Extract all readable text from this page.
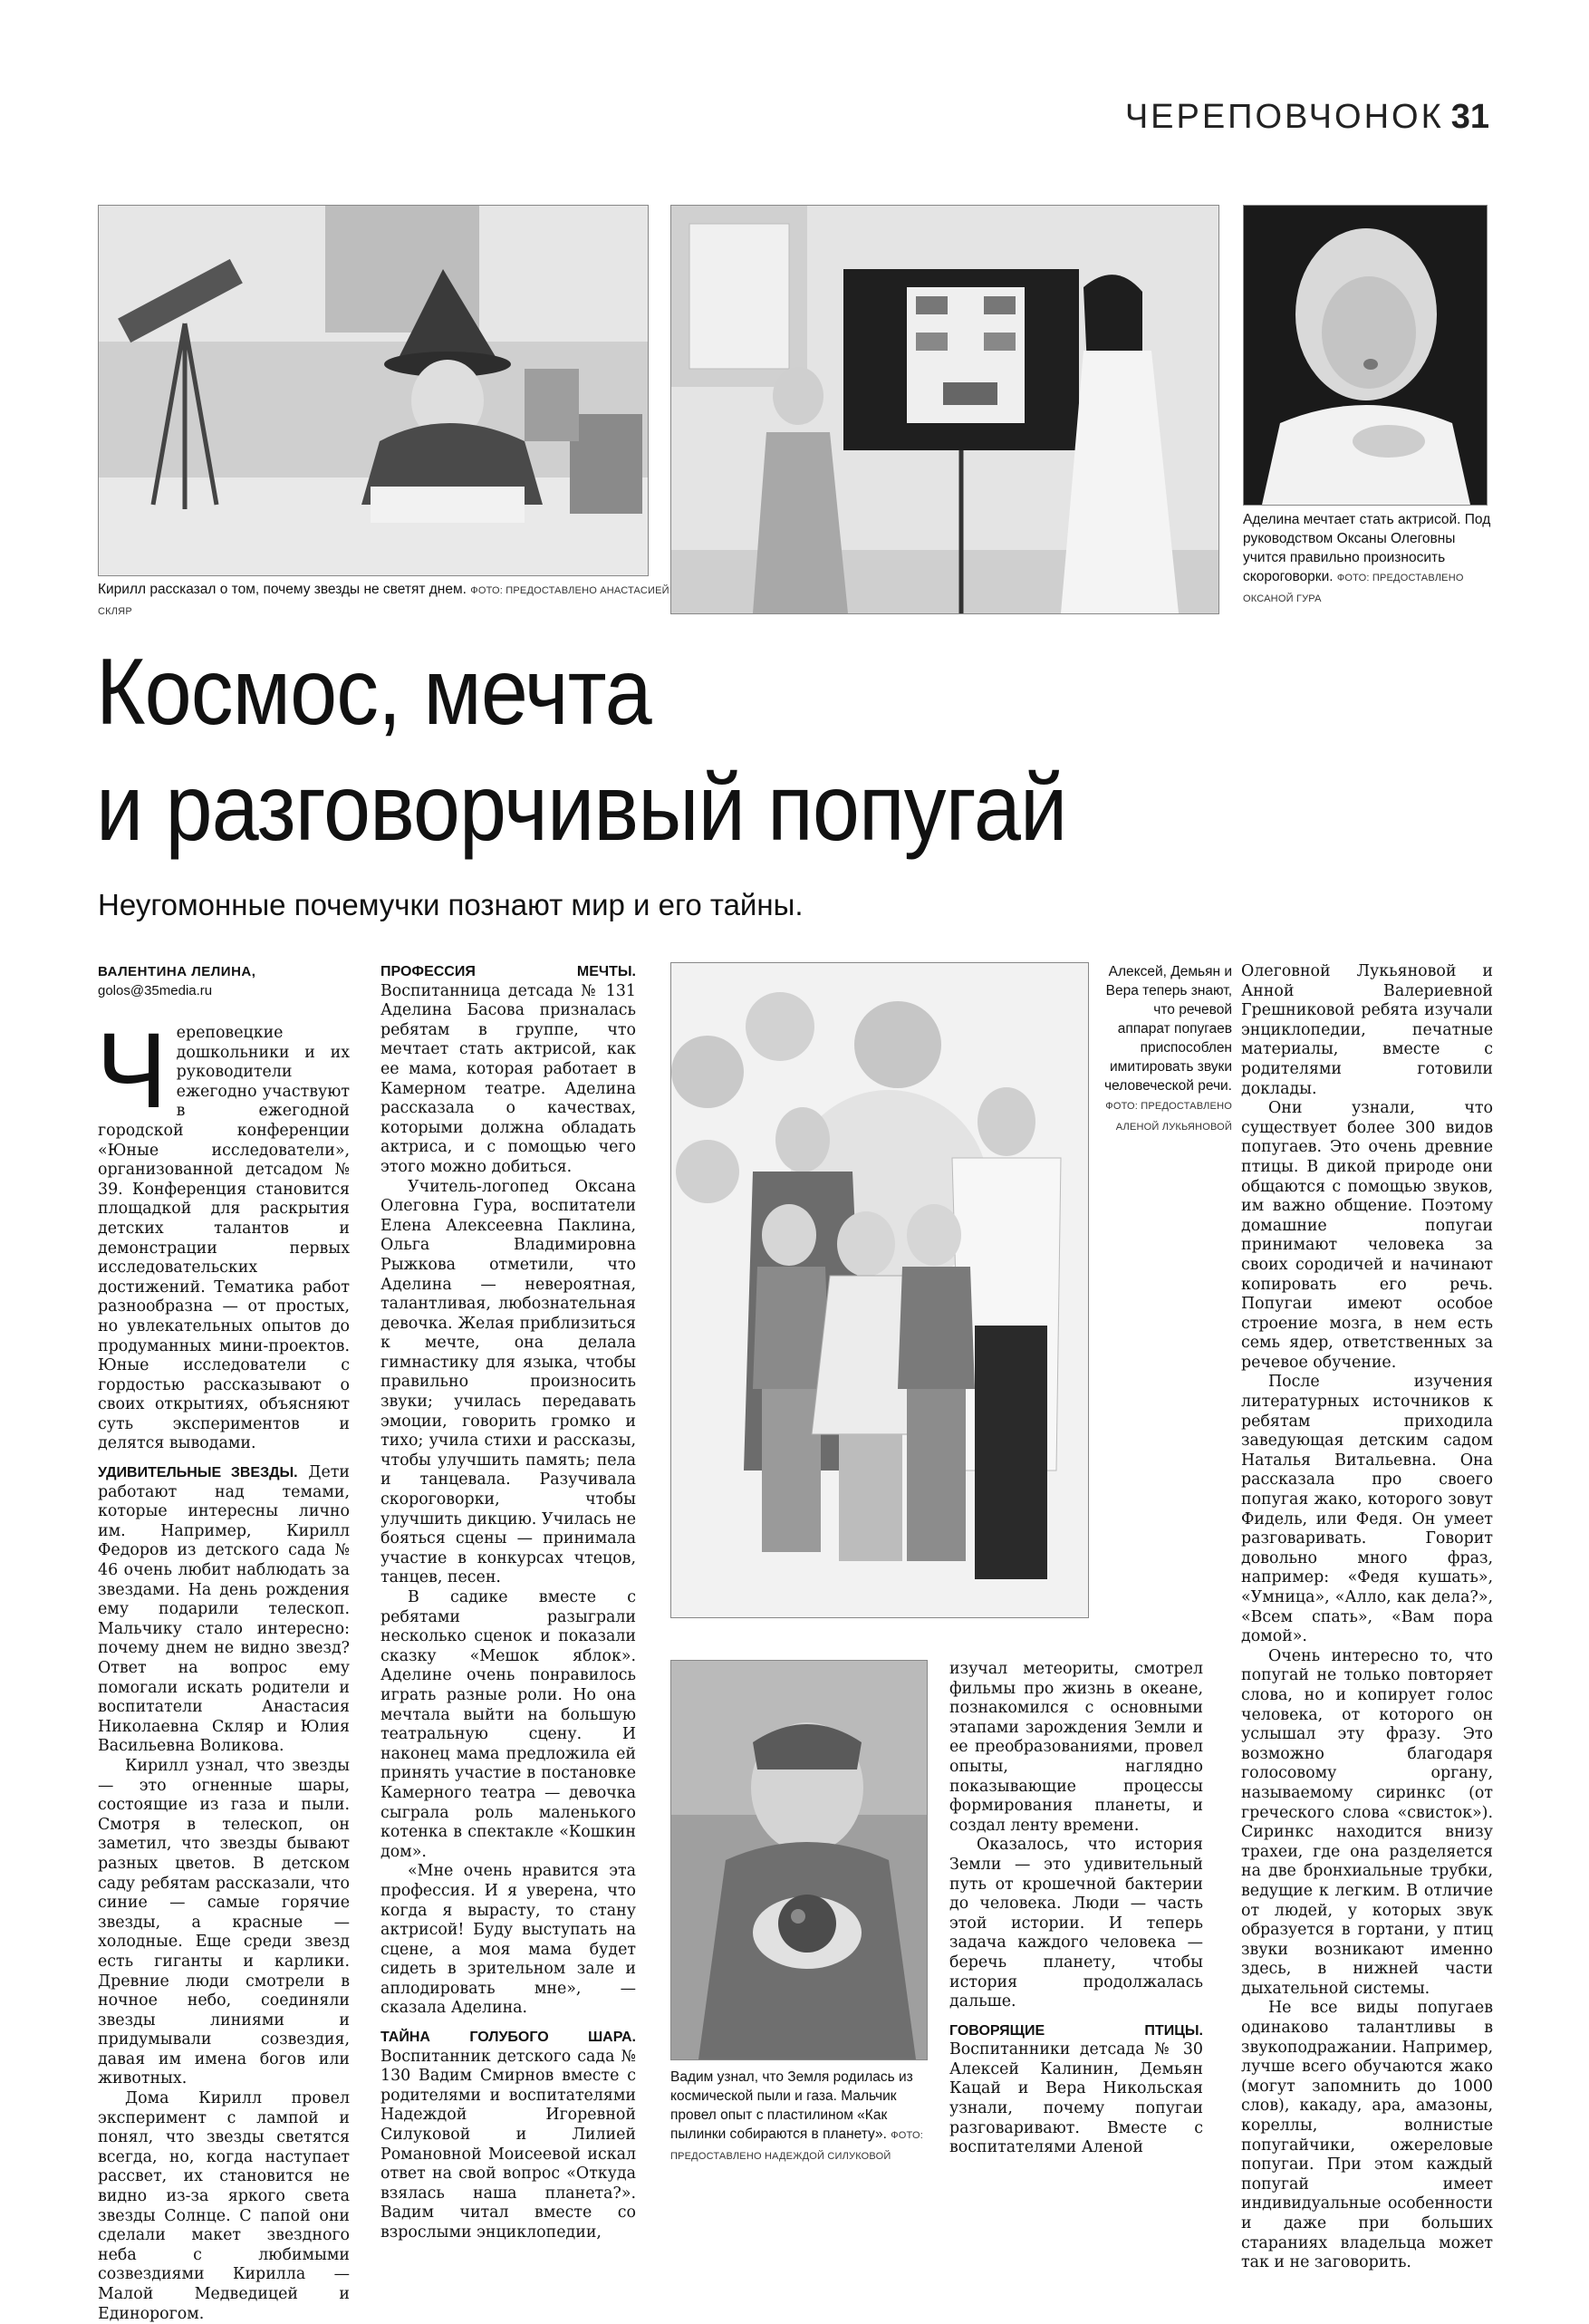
ЧЕРЕПОВЧОНОК 31
Кирилл рассказал о том, почему звезды не светят днем. ФОТО: ПРЕДОСТАВЛЕНО АНАСТАСИЕЙ СКЛЯР
Аделина мечтает стать актрисой. Под руководством Оксаны Олеговны учится правильно произносить скороговорки. ФОТО: ПРЕДОСТАВЛЕНО ОКСАНОЙ ГУРА
Космос, мечта
и разговорчивый попугай
Неугомонные почемучки познают мир и его тайны.
ВАЛЕНТИНА ЛЕЛИНА,
golos@35media.ru

Череповецкие дошкольники и их руководители ежегодно участвуют в ежегодной городской конференции «Юные исследователи», организованной детсадом № 39. Конференция становится площадкой для раскрытия детских талантов и демонстрации первых исследовательских достижений. Тематика работ разнообразна — от простых, но увлекательных опытов до продуманных мини-проектов. Юные исследователи с гордостью рассказывают о своих открытиях, объясняют суть экспериментов и делятся выводами.

УДИВИТЕЛЬНЫЕ ЗВЕЗДЫ. Дети работают над темами, которые интересны лично им. Например, Кирилл Федоров из детского сада № 46 очень любит наблюдать за звездами. На день рождения ему подарили телескоп. Мальчику стало интересно: почему днем не видно звезд? Ответ на вопрос ему помогали искать родители и воспитатели Анастасия Николаевна Скляр и Юлия Васильевна Воликова.

Кирилл узнал, что звезды — это огненные шары, состоящие из газа и пыли. Смотря в телескоп, он заметил, что звезды бывают разных цветов. В детском саду ребятам рассказали, что синие — самые горячие звезды, а красные — холодные. Еще среди звезд есть гиганты и карлики. Древние люди смотрели в ночное небо, соединяли звезды линиями и придумывали созвездия, давая им имена богов или животных.

Дома Кирилл провел эксперимент с лампой и понял, что звезды светятся всегда, но, когда наступает рассвет, их становится не видно из-за яркого света звезды Солнце. С папой они сделали макет звездного неба с любимыми созвездиями Кирилла — Малой Медведицей и Единорогом.

ПРОФЕССИЯ МЕЧТЫ. Воспитанница детсада № 131 Аделина Басова призналась ребятам в группе, что мечтает стать актрисой, как ее мама, которая работает в Камерном театре. Аделина рассказала о качествах, которыми должна обладать актриса, и с помощью чего этого можно добиться.

Учитель-логопед Оксана Олеговна Гура, воспитатели Елена Алексеевна Паклина, Ольга Владимировна Рыжкова отметили, что Аделина — невероятная, талантливая, любознательная девочка. Желая приблизиться к мечте, она делала гимнастику для языка, чтобы правильно произносить звуки; училась передавать эмоции, говорить громко и тихо; учила стихи и рассказы, чтобы улучшить память; пела и танцевала. Разучивала скороговорки, чтобы улучшить дикцию. Училась не бояться сцены — принимала участие в конкурсах чтецов, танцев, песен.

В садике вместе с ребятами разыграли несколько сценок и показали сказку «Мешок яблок». Аделине очень понравилось играть разные роли. Но она мечтала выйти на большую театральную сцену. И наконец мама предложила ей принять участие в постановке Камерного театра — девочка сыграла роль маленького котенка в спектакле «Кошкин дом».

«Мне очень нравится эта профессия. И я уверена, что когда я вырасту, то стану актрисой! Буду выступать на сцене, а моя мама будет сидеть в зрительном зале и аплодировать мне», — сказала Аделина.

ТАЙНА ГОЛУБОГО ШАРА. Воспитанник детского сада № 130 Вадим Смирнов вместе с родителями и воспитателями Надеждой Игоревной Силуковой и Лилией Романовной Моисеевой искал ответ на свой вопрос «Откуда взялась наша планета?». Вадим читал вместе со взрослыми энциклопедии,

Алексей, Демьян и Вера теперь знают, что речевой аппарат попугаев приспособлен имитировать звуки человеческой речи. ФОТО: ПРЕДОСТАВЛЕНО АЛЕНОЙ ЛУКЬЯНОВОЙ
Вадим узнал, что Земля родилась из космической пыли и газа. Мальчик провел опыт с пластилином «Как пылинки собираются в планету». ФОТО: ПРЕДОСТАВЛЕНО НАДЕЖДОЙ СИЛУКОВОЙ

изучал метеориты, смотрел фильмы про жизнь в океане, познакомился с основными этапами зарождения Земли и ее преобразованиями, провел опыты, наглядно показывающие процессы формирования планеты, и создал ленту времени.

Оказалось, что история Земли — это удивительный путь от крошечной бактерии до человека. Люди — часть этой истории. И теперь задача каждого человека — беречь планету, чтобы история продолжалась дальше.

ГОВОРЯЩИЕ ПТИЦЫ. Воспитанники детсада № 30 Алексей Калинин, Демьян Кацай и Вера Никольская узнали, почему попугаи разговаривают. Вместе с воспитателями Аленой

Олеговной Лукьяновой и Анной Валериевной Грешниковой ребята изучали энциклопедии, печатные материалы, вместе с родителями готовили доклады.

Они узнали, что существует более 300 видов попугаев. Это очень древние птицы. В дикой природе они общаются с помощью звуков, им важно общение. Поэтому домашние попугаи принимают человека за своих сородичей и начинают копировать его речь. Попугаи имеют особое строение мозга, в нем есть семь ядер, ответственных за речевое обучение.

После изучения литературных источников к ребятам приходила заведующая детским садом Наталья Витальевна. Она рассказала про своего попугая жако, которого зовут Фидель, или Федя. Он умеет разговаривать. Говорит довольно много фраз, например: «Федя кушать», «Умница», «Алло, как дела?», «Всем спать», «Вам пора домой».

Очень интересно то, что попугай не только повторяет слова, но и копирует голос человека, от которого он услышал эту фразу. Это возможно благодаря голосовому органу, называемому сиринкс (от греческого слова «свисток»). Сиринкс находится внизу трахеи, где она разделяется на две бронхиальные трубки, ведущие к легким. В отличие от людей, у которых звук образуется в гортани, у птиц звуки возникают именно здесь, в нижней части дыхательной системы.

Не все виды попугаев одинаково талантливы в звукоподражании. Например, лучше всего обучаются жако (могут запомнить до 1000 слов), какаду, ара, амазоны, кореллы, волнистые попугайчики, ожереловые попугаи. При этом каждый попугай имеет индивидуальные особенности и даже при больших стараниях владельца может так и не заговорить.
